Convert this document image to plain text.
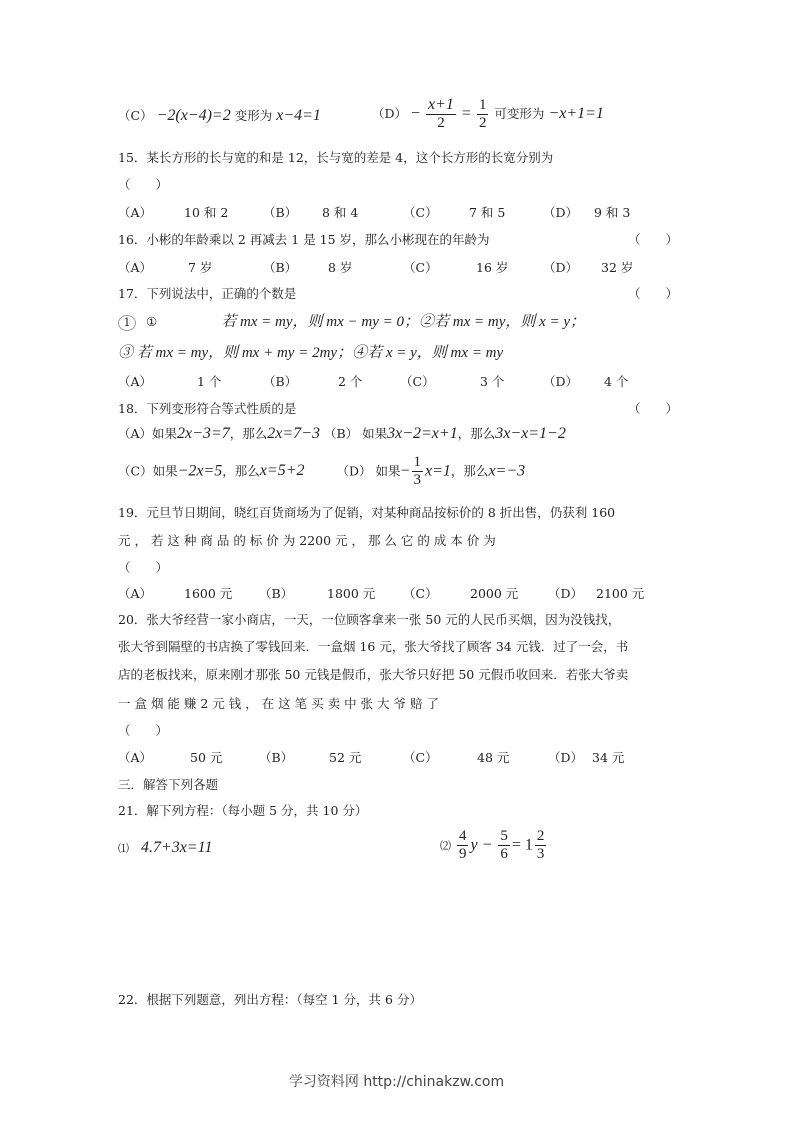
（C） −2(x−4)=2 变形为 x−4=1	$(D) - \frac{x+1}{2} = \frac{1}{2}$ 可变形为 −x+1=1
15．某长方形的长与宽的和是 12，长与宽的差是 4，这个长方形的长宽分别为
（　　）
（A）	10 和 2	（B） 8 和 4	（C）	7 和 5	（D） 9 和 3
16．小彬的年龄乘以 2 再减去 1 是 15 岁，那么小彬现在的年龄为	（　　）
（A）	7 岁	（B） 8 岁	（C）	16 岁	（D） 32 岁
17．下列说法中，正确的个数是	（　　）
1 ①	若 mx = my，则 mx − my = 0；②若 mx = my，则 x = y；
③ 若 mx = my，则 mx + my = 2my；④若 x = y，则 mx = my
（A）	1 个	（B）	2 个	（C）	3 个	（D） 4 个
18．下列变形符合等式性质的是	（　　）
（A）如果2x−3=7，那么2x=7−3 （B） 如果3x−2=x+1，那么3x−x=1−2
（C）如果−2x=5，那么x=5+2	（D） 如果− $\frac{1}{3} x=1$，那么x=−3
19．元旦节日期间，晓红百货商场为了促销，对某种商品按标价的 8 折出售，仍获利 160
元 ， 若 这 种 商 品 的 标 价 为 2200 元 ， 那 么 它 的 成 本 价 为
（　　）
（A）	1600 元 （B）	1800 元 （C）	2000 元 （D） 2100 元
20．张大爷经营一家小商店，一天，一位顾客拿来一张 50 元的人民币买烟，因为没钱找，
张大爷到隔壁的书店换了零钱回来．一盒烟 16 元，张大爷找了顾客 34 元钱．过了一会，书
店的老板找来，原来刚才那张 50 元钱是假币，张大爷只好把 50 元假币收回来．若张大爷卖
一 盒 烟 能 赚 2 元 钱 ， 在 这 笔 买 卖 中 张 大 爷 赔 了
（　　）
（A）	50 元	（B）	52 元	（C）	48 元	（D） 34 元
三．解答下列各题
21．解下列方程：（每小题 5 分，共 10 分）
⑴ 4.7+3x=11	⑵ $\frac{4}{9}$ $y - \frac{5}{6} = 1 \frac{2}{3}$
22．根据下列题意，列出方程：（每空 1 分，共 6 分）
学习资料网 http://chinakzw.com
